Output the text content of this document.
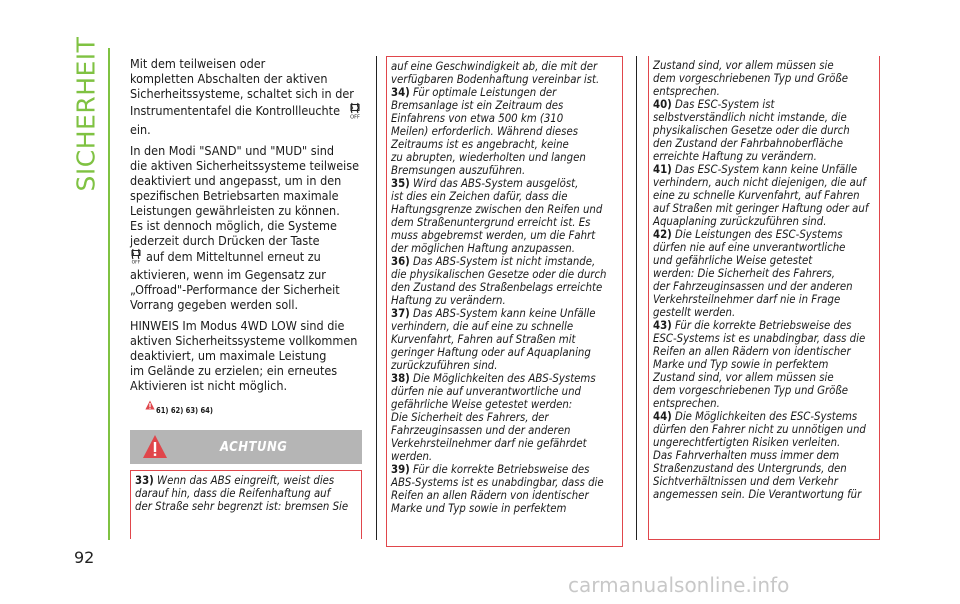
SICHERHEIT
92
Mit dem teilweisen oder
kompletten Abschalten der aktiven
Sicherheitssysteme, schaltet sich in der
Instrumententafel die Kontrollleuchte OFF
ein.
In den Modi "SAND" und "MUD" sind
die aktiven Sicherheitssysteme teilweise
deaktiviert und angepasst, um in den
spezifischen Betriebsarten maximale
Leistungen gewährleisten zu können.
Es ist dennoch möglich, die Systeme
jederzeit durch Drücken der Taste
OFF auf dem Mitteltunnel erneut zu
aktivieren, wenn im Gegensatz zur
„Offroad"-Performance der Sicherheit
Vorrang gegeben werden soll.
HINWEIS Im Modus 4WD LOW sind die
aktiven Sicherheitssysteme vollkommen
deaktiviert, um maximale Leistung
im Gelände zu erzielen; ein erneutes
Aktivieren ist nicht möglich.
61) 62) 63) 64)
ACHTUNG
33) Wenn das ABS eingreift, weist dies
darauf hin, dass die Reifenhaftung auf
der Straße sehr begrenzt ist: bremsen Sie
auf eine Geschwindigkeit ab, die mit der
verfügbaren Bodenhaftung vereinbar ist.
34) Für optimale Leistungen der
Bremsanlage ist ein Zeitraum des
Einfahrens von etwa 500 km (310
Meilen) erforderlich. Während dieses
Zeitraums ist es angebracht, keine
zu abrupten, wiederholten und langen
Bremsungen auszuführen.
35) Wird das ABS-System ausgelöst,
ist dies ein Zeichen dafür, dass die
Haftungsgrenze zwischen den Reifen und
dem Straßenuntergrund erreicht ist. Es
muss abgebremst werden, um die Fahrt
der möglichen Haftung anzupassen.
36) Das ABS-System ist nicht imstande,
die physikalischen Gesetze oder die durch
den Zustand des Straßenbelags erreichte
Haftung zu verändern.
37) Das ABS-System kann keine Unfälle
verhindern, die auf eine zu schnelle
Kurvenfahrt, Fahren auf Straßen mit
geringer Haftung oder auf Aquaplaning
zurückzuführen sind.
38) Die Möglichkeiten des ABS-Systems
dürfen nie auf unverantwortliche und
gefährliche Weise getestet werden:
Die Sicherheit des Fahrers, der
Fahrzeuginsassen und der anderen
Verkehrsteilnehmer darf nie gefährdet
werden.
39) Für die korrekte Betriebsweise des
ABS-Systems ist es unabdingbar, dass die
Reifen an allen Rädern von identischer
Marke und Typ sowie in perfektem
Zustand sind, vor allem müssen sie
dem vorgeschriebenen Typ und Größe
entsprechen.
40) Das ESC-System ist
selbstverständlich nicht imstande, die
physikalischen Gesetze oder die durch
den Zustand der Fahrbahnoberfläche
erreichte Haftung zu verändern.
41) Das ESC-System kann keine Unfälle
verhindern, auch nicht diejenigen, die auf
eine zu schnelle Kurvenfahrt, auf Fahren
auf Straßen mit geringer Haftung oder auf
Aquaplaning zurückzuführen sind.
42) Die Leistungen des ESC-Systems
dürfen nie auf eine unverantwortliche
und gefährliche Weise getestet
werden: Die Sicherheit des Fahrers,
der Fahrzeuginsassen und der anderen
Verkehrsteilnehmer darf nie in Frage
gestellt werden.
43) Für die korrekte Betriebsweise des
ESC-Systems ist es unabdingbar, dass die
Reifen an allen Rädern von identischer
Marke und Typ sowie in perfektem
Zustand sind, vor allem müssen sie
dem vorgeschriebenen Typ und Größe
entsprechen.
44) Die Möglichkeiten des ESC-Systems
dürfen den Fahrer nicht zu unnötigen und
ungerechtfertigten Risiken verleiten.
Das Fahrverhalten muss immer dem
Straßenzustand des Untergrunds, den
Sichtverhältnissen und dem Verkehr
angemessen sein. Die Verantwortung für
carmanualsonline.info
